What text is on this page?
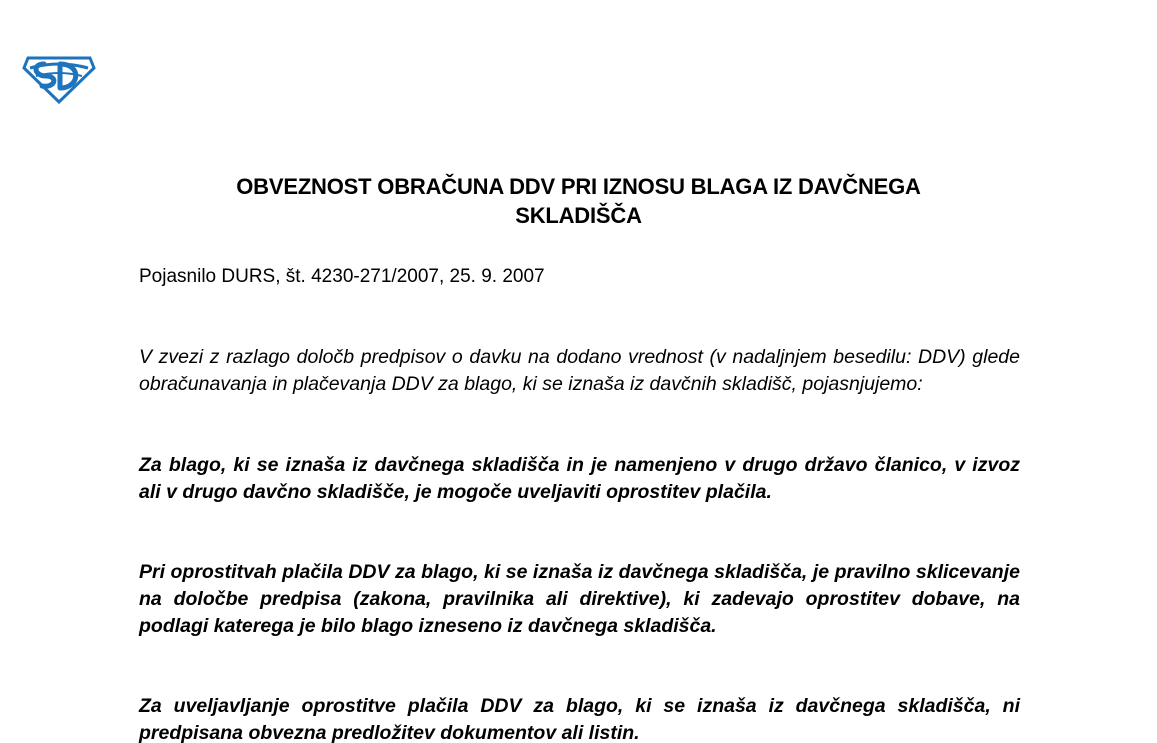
OBVEZNOST OBRAČUNA DDV PRI IZNOSU BLAGA IZ DAVČNEGA
SKLADIŠČA
Pojasnilo DURS, št. 4230-271/2007, 25. 9. 2007
V zvezi z razlago določb predpisov o davku na dodano vrednost (v nadaljnjem besedilu: DDV) glede obračunavanja in plačevanja DDV za blago, ki se iznaša iz davčnih skladišč, pojasnjujemo:
Za blago, ki se iznaša iz davčnega skladišča in je namenjeno v drugo državo članico, v izvoz ali v drugo davčno skladišče, je mogoče uveljaviti oprostitev plačila.
Pri oprostitvah plačila DDV za blago, ki se iznaša iz davčnega skladišča, je pravilno sklicevanje na določbe predpisa (zakona, pravilnika ali direktive), ki zadevajo oprostitev dobave, na podlagi katerega je bilo blago izneseno iz davčnega skladišča.
Za uveljavljanje oprostitve plačila DDV za blago, ki se iznaša iz davčnega skladišča, ni predpisana obvezna predložitev dokumentov ali listin.
